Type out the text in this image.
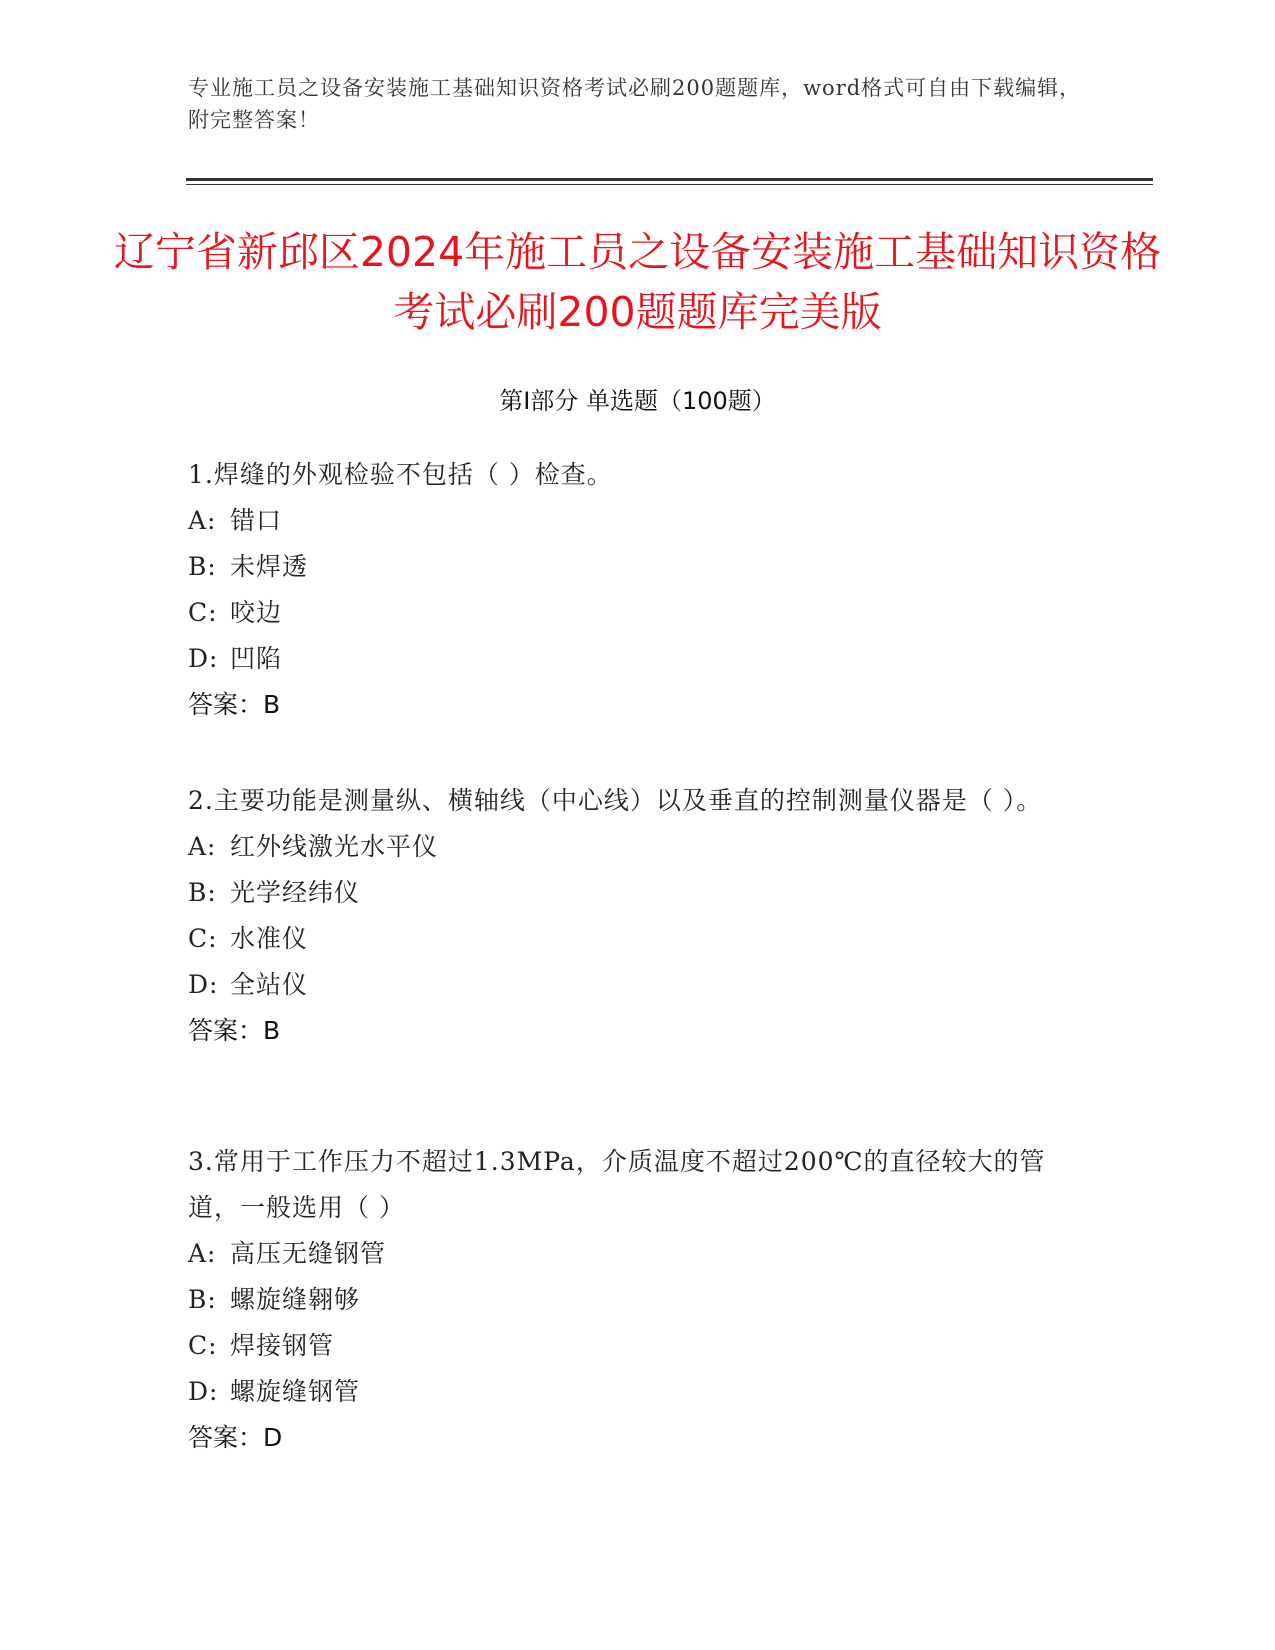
专业施工员之设备安装施工基础知识资格考试必刷200题题库，word格式可自由下载编辑，附完整答案！
辽宁省新邱区2024年施工员之设备安装施工基础知识资格考试必刷200题题库完美版
第Ⅰ部分 单选题（100题）
1.焊缝的外观检验不包括（ ）检查。
A: 错口
B: 未焊透
C: 咬边
D: 凹陷
答案：B
2.主要功能是测量纵、横轴线（中心线）以及垂直的控制测量仪器是（ ）。
A: 红外线激光水平仪
B: 光学经纬仪
C: 水准仪
D: 全站仪
答案：B
3.常用于工作压力不超过1.3MPa，介质温度不超过200℃的直径较大的管道，一般选用（ ）
A: 高压无缝钢管
B: 螺旋缝翱够
C: 焊接钢管
D: 螺旋缝钢管
答案：D
